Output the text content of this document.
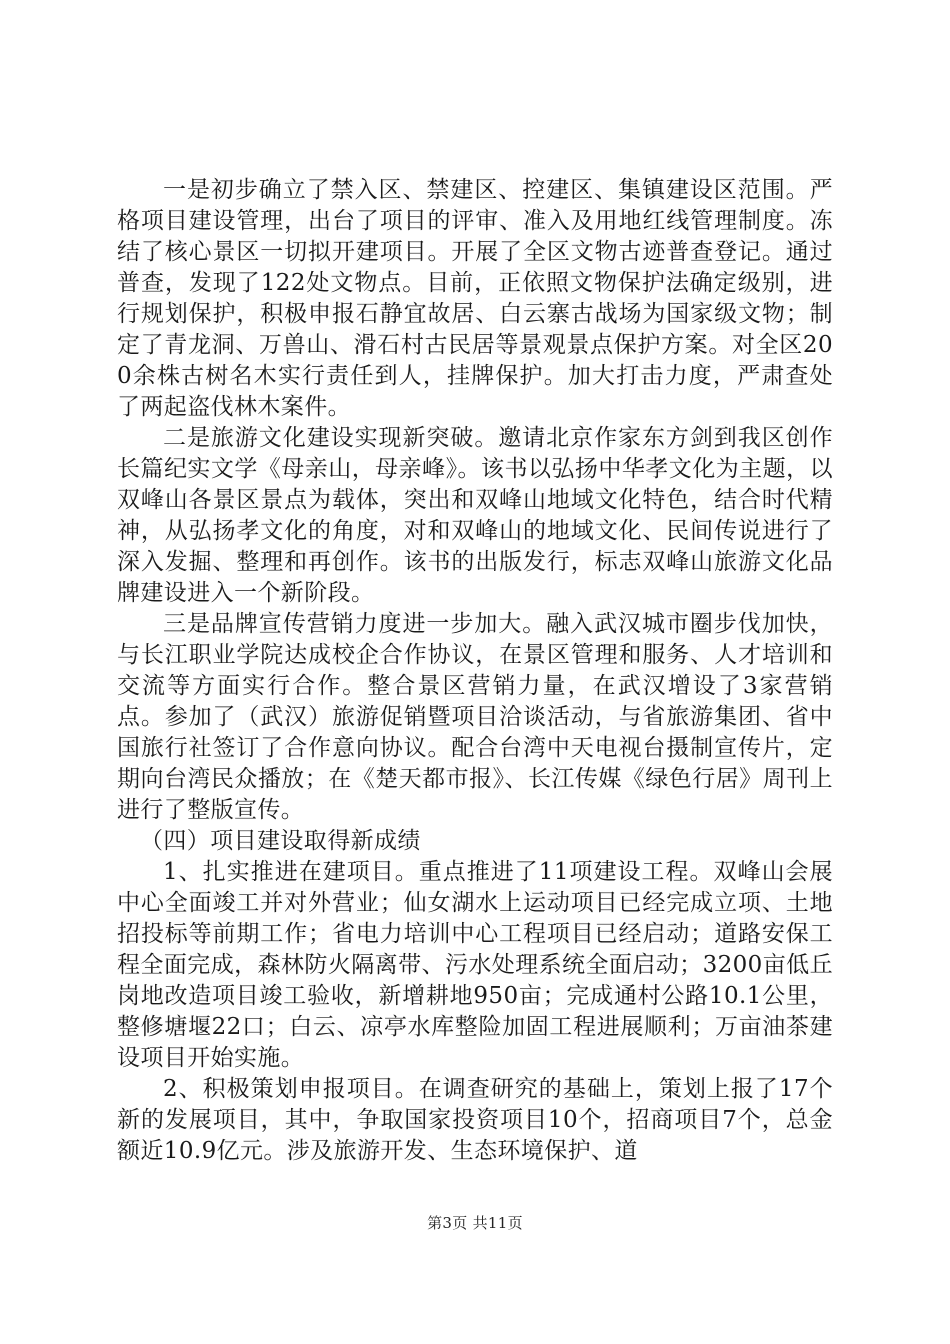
一是初步确立了禁入区、禁建区、控建区、集镇建设区范围。严格项目建设管理，出台了项目的评审、准入及用地红线管理制度。冻结了核心景区一切拟开建项目。开展了全区文物古迹普查登记。通过普查，发现了122处文物点。目前，正依照文物保护法确定级别，进行规划保护，积极申报石静宜故居、白云寨古战场为国家级文物；制定了青龙洞、万兽山、滑石村古民居等景观景点保护方案。对全区200余株古树名木实行责任到人，挂牌保护。加大打击力度，严肃查处了两起盗伐林木案件。

二是旅游文化建设实现新突破。邀请北京作家东方剑到我区创作长篇纪实文学《母亲山，母亲峰》。该书以弘扬中华孝文化为主题，以双峰山各景区景点为载体，突出和双峰山地域文化特色，结合时代精神，从弘扬孝文化的角度，对和双峰山的地域文化、民间传说进行了深入发掘、整理和再创作。该书的出版发行，标志双峰山旅游文化品牌建设进入一个新阶段。

三是品牌宣传营销力度进一步加大。融入武汉城市圈步伐加快，与长江职业学院达成校企合作协议，在景区管理和服务、人才培训和交流等方面实行合作。整合景区营销力量，在武汉增设了3家营销点。参加了（武汉）旅游促销暨项目洽谈活动，与省旅游集团、省中国旅行社签订了合作意向协议。配合台湾中天电视台摄制宣传片，定期向台湾民众播放；在《楚天都市报》、长江传媒《绿色行居》周刊上进行了整版宣传。

（四）项目建设取得新成绩

1、扎实推进在建项目。重点推进了11项建设工程。双峰山会展中心全面竣工并对外营业；仙女湖水上运动项目已经完成立项、土地招投标等前期工作；省电力培训中心工程项目已经启动；道路安保工程全面完成，森林防火隔离带、污水处理系统全面启动；3200亩低丘岗地改造项目竣工验收，新增耕地950亩；完成通村公路10.1公里，整修塘堰22口；白云、凉亭水库整险加固工程进展顺利；万亩油茶建设项目开始实施。

2、积极策划申报项目。在调查研究的基础上，策划上报了17个新的发展项目，其中，争取国家投资项目10个，招商项目7个，总金额近10.9亿元。涉及旅游开发、生态环境保护、道

第3页 共11页
